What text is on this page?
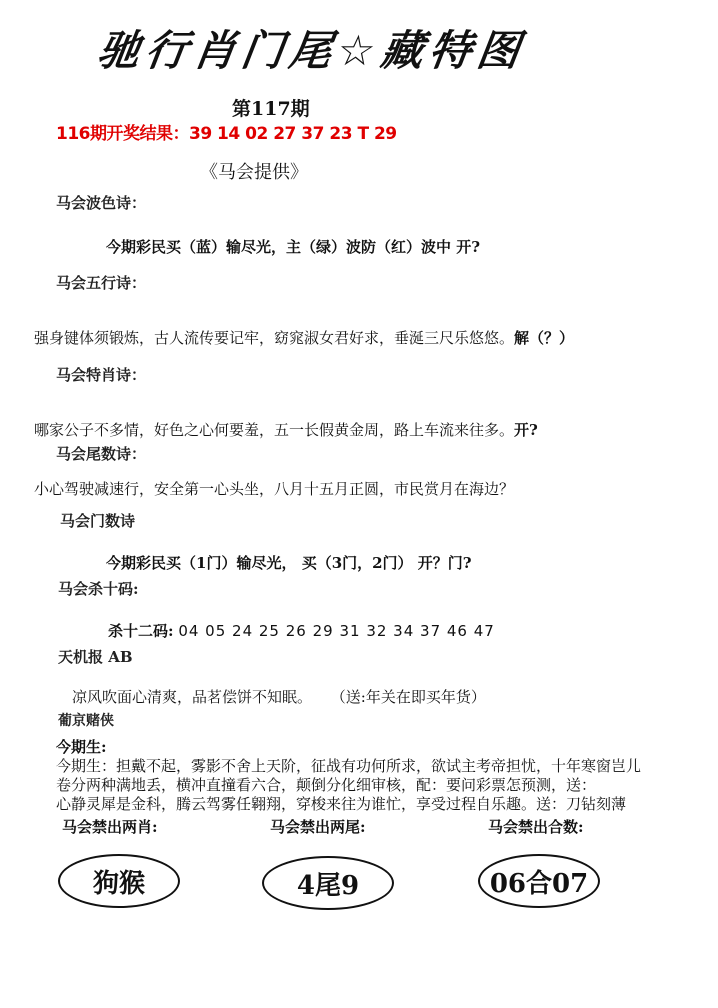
驰行肖门尾☆藏特图
第117期
116期开奖结果：39 14 02 27 37 23 T 29
《马会提供》
马会波色诗：
今期彩民买（蓝）输尽光，主（绿）波防（红）波中 开?
马会五行诗：
强身键体须锻炼，古人流传要记牢，窈窕淑女君好求，垂涎三尺乐悠悠。解（？）
马会特肖诗：
哪家公子不多情，好色之心何要羞，五一长假黄金周，路上车流来往多。开?
马会尾数诗：
小心驾驶减速行，安全第一心头坐，八月十五月正圆，市民赏月在海边？
马会门数诗
今期彩民买（1门）输尽光， 买（3门，2门） 开？门?
马会杀十码:
杀十二码: 04 05 24 25 26 29 31 32 34 37 46 47
天机报 AB
凉风吹面心清爽，品茗偿饼不知眠。 （送:年关在即买年货）
葡京赌侠
今期生:
今期生：担戴不起，雾影不舍上天阶，征战有功何所求，欲试主考帝担忧，十年寒窗岂儿
卷分两种满地丢，横冲直撞看六合，颠倒分化细审核，配：要问彩票怎预测，送：
心静灵犀是金科，腾云驾雾任翱翔，穿梭来往为谁忙，享受过程自乐趣。送：刀钻刻薄
马会禁出两肖:	马会禁出两尾:	马会禁出合数:
狗猴	4尾9	06合07
